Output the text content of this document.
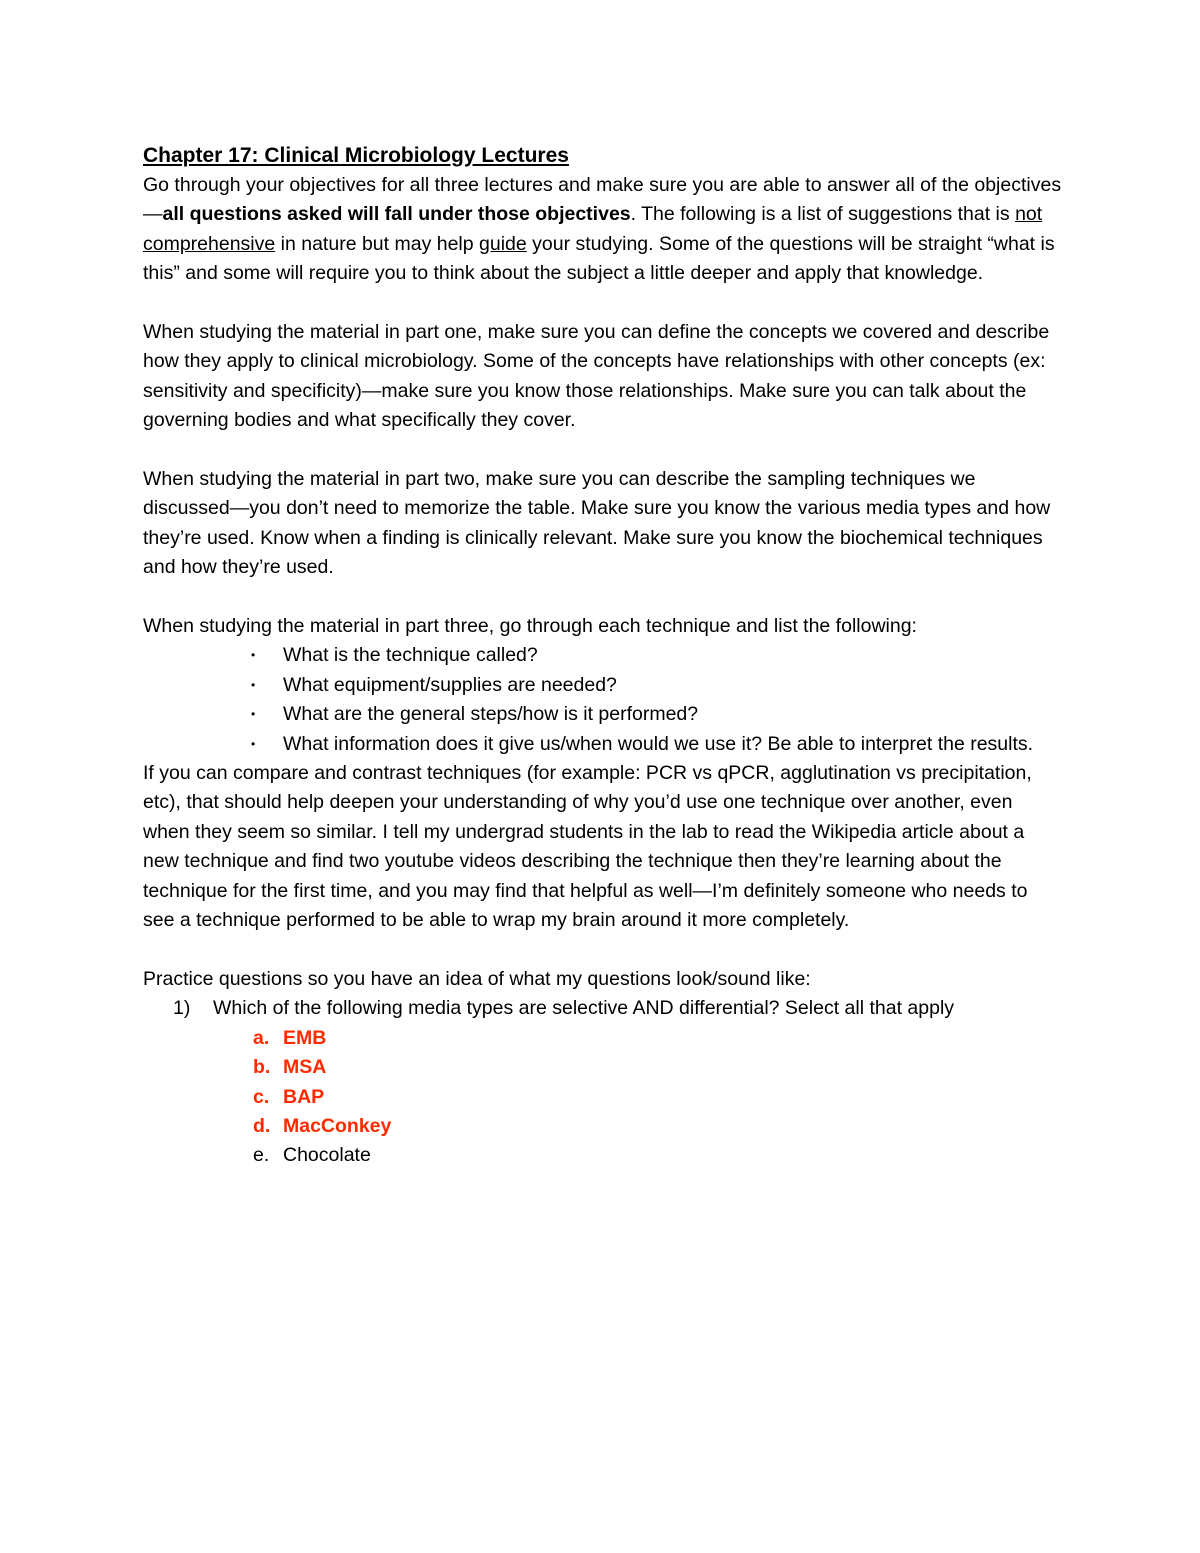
Chapter 17: Clinical Microbiology Lectures

Go through your objectives for all three lectures and make sure you are able to answer all of the objectives—all questions asked will fall under those objectives. The following is a list of suggestions that is not comprehensive in nature but may help guide your studying. Some of the questions will be straight “what is this” and some will require you to think about the subject a little deeper and apply that knowledge.

When studying the material in part one, make sure you can define the concepts we covered and describe how they apply to clinical microbiology. Some of the concepts have relationships with other concepts (ex: sensitivity and specificity)—make sure you know those relationships. Make sure you can talk about the governing bodies and what specifically they cover.

When studying the material in part two, make sure you can describe the sampling techniques we discussed—you don’t need to memorize the table. Make sure you know the various media types and how they’re used. Know when a finding is clinically relevant. Make sure you know the biochemical techniques and how they’re used.

When studying the material in part three, go through each technique and list the following:

• What is the technique called?
• What equipment/supplies are needed?
• What are the general steps/how is it performed?
• What information does it give us/when would we use it? Be able to interpret the results.

If you can compare and contrast techniques (for example: PCR vs qPCR, agglutination vs precipitation, etc), that should help deepen your understanding of why you’d use one technique over another, even when they seem so similar. I tell my undergrad students in the lab to read the Wikipedia article about a new technique and find two youtube videos describing the technique then they’re learning about the technique for the first time, and you may find that helpful as well—I’m definitely someone who needs to see a technique performed to be able to wrap my brain around it more completely.

Practice questions so you have an idea of what my questions look/sound like:

1) Which of the following media types are selective AND differential? Select all that apply
a. EMB
b. MSA
c. BAP
d. MacConkey
e. Chocolate
